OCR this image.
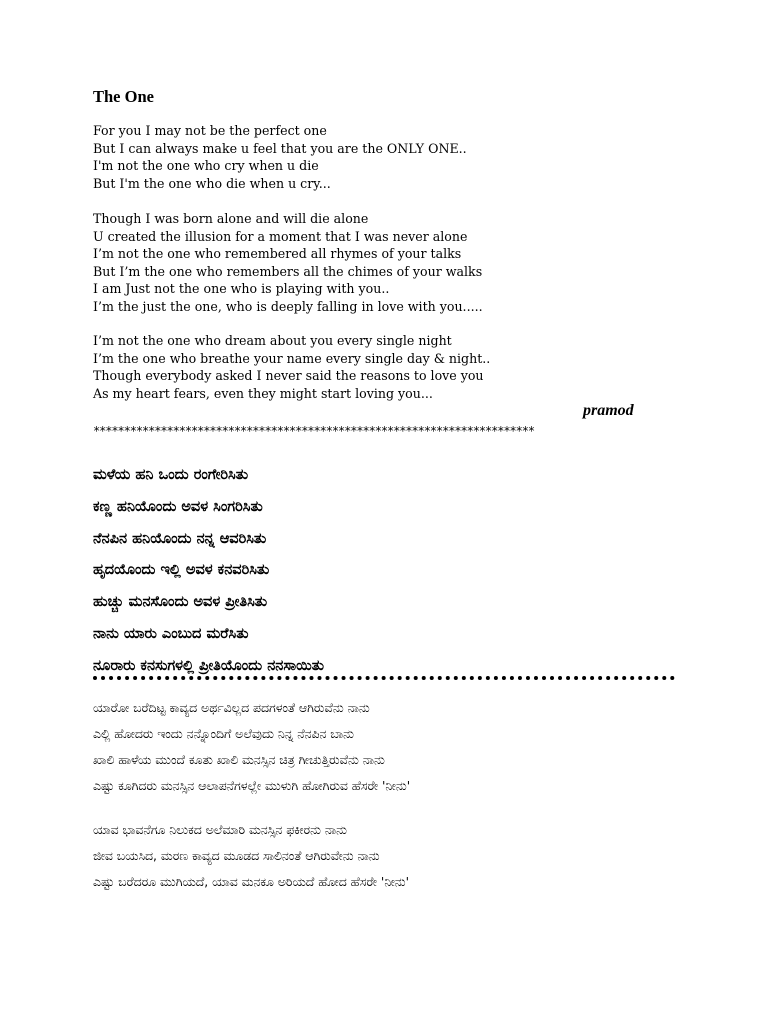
The One
For you I may not be the perfect one
But I can always make u feel that you are the ONLY ONE..
I'm not the one who cry when u die
But I'm the one who die when u cry...
Though I was born alone and will die alone
U created the illusion for a moment that I was never alone
I’m not the one who remembered all rhymes of your talks
But I’m the one who remembers all the chimes of your walks
I am Just not the one who is playing with you..
I’m the just the one, who is deeply falling in love with you.....
I’m not the one who dream about you every single night
I’m the one who breathe your name every single day & night..
Though everybody asked I never said the reasons to love you
As my heart fears, even they might start loving you...
pramod
************************************************************************
ಮಳೆಯ ಹನಿ ಒಂದು ರಂಗೇರಿಸಿತು
ಕಣ್ಣ ಹನಿಯೊಂದು ಅವಳ ಸಿಂಗರಿಸಿತು
ನೆನಪಿನ ಹನಿಯೊಂದು ನನ್ನ ಆವರಿಸಿತು
ಹೃದಯೊಂದು ಇಲ್ಲಿ ಅವಳ ಕನವರಿಸಿತು
ಹುಚ್ಚು ಮನಸೊಂದು ಅವಳ ಪ್ರೀತಿಸಿತು
ನಾನು ಯಾರು ಎಂಬುದ ಮರೆಸಿತು
ನೂರಾರು ಕನಸುಗಳಲ್ಲಿ ಪ್ರೀತಿಯೊಂದು ನನಸಾಯಿತು
ಯಾರೋ ಬರೆದಿಟ್ಟ ಕಾವ್ಯದ ಅರ್ಥವಿಲ್ಲದ ಪದಗಳಂತೆ ಆಗಿರುವೆನು ನಾನು
ಎಲ್ಲಿ ಹೋದರು ಇಂದು ನನ್ನೊಂದಿಗೆ ಅಲೆವುದು ನಿನ್ನ ನೆನಪಿನ ಬಾನು
ಖಾಲಿ ಹಾಳೆಯ ಮುಂದೆ ಕೂತು ಖಾಲಿ ಮನಸ್ಸಿನ ಚಿತ್ರ ಗೀಚುತ್ತಿರುವೆನು ನಾನು
ಎಷ್ಟು ಕೂಗಿದರು ಮನಸ್ಸಿನ ಆಲಾಪನೆಗಳಲ್ಲೇ ಮುಳುಗಿ ಹೋಗಿರುವ ಹೆಸರೇ 'ನೀನು'
ಯಾವ ಭಾವನೆಗೂ ನಿಲುಕದ ಅಲೆಮಾರಿ ಮನಸ್ಸಿನ ಫಕೀರನು ನಾನು
ಜೀವ ಬಯಸಿದ, ಮರಣ ಕಾವ್ಯದ ಮೂಡದ ಸಾಲಿನಂತೆ ಆಗಿರುವೇನು ನಾನು
ಎಷ್ಟು ಬರೆದರೂ ಮುಗಿಯದೆ, ಯಾವ ಮನಕೂ ಅರಿಯದೆ ಹೋದ ಹೆಸರೇ 'ನೀನು'
